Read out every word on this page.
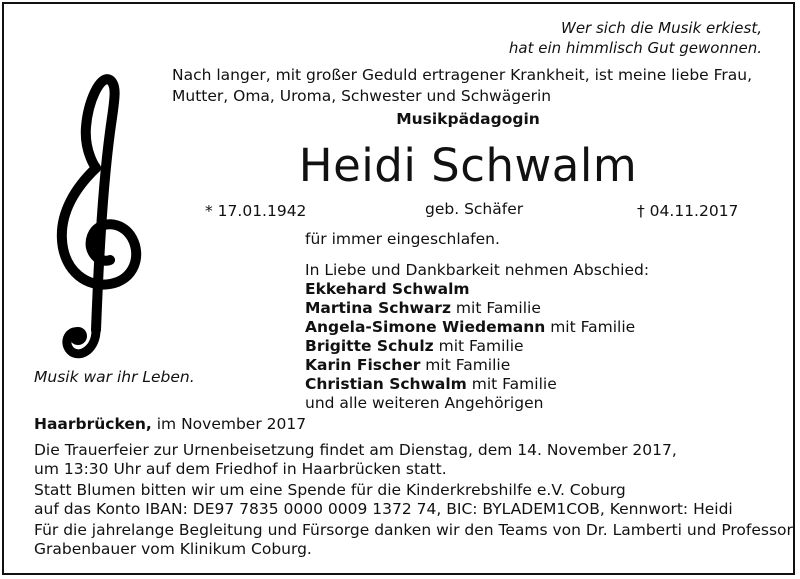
Wer sich die Musik erkiest,
hat ein himmlisch Gut gewonnen.
Nach langer, mit großer Geduld ertragener Krankheit, ist meine liebe Frau,
Mutter, Oma, Uroma, Schwester und Schwägerin
Musikpädagogin
Heidi Schwalm
* 17.01.1942	geb. Schäfer	† 04.11.2017
Musik war ihr Leben.
für immer eingeschlafen.
In Liebe und Dankbarkeit nehmen Abschied:
Ekkehard Schwalm
Martina Schwarz mit Familie
Angela-Simone Wiedemann mit Familie
Brigitte Schulz mit Familie
Karin Fischer mit Familie
Christian Schwalm mit Familie
und alle weiteren Angehörigen
Haarbrücken, im November 2017
Die Trauerfeier zur Urnenbeisetzung findet am Dienstag, dem 14. November 2017,
um 13:30 Uhr auf dem Friedhof in Haarbrücken statt.
Statt Blumen bitten wir um eine Spende für die Kinderkrebshilfe e.V. Coburg
auf das Konto IBAN: DE97 7835 0000 0009 1372 74, BIC: BYLADEM1COB, Kennwort: Heidi
Für die jahrelange Begleitung und Fürsorge danken wir den Teams von Dr. Lamberti und Professor
Grabenbauer vom Klinikum Coburg.
